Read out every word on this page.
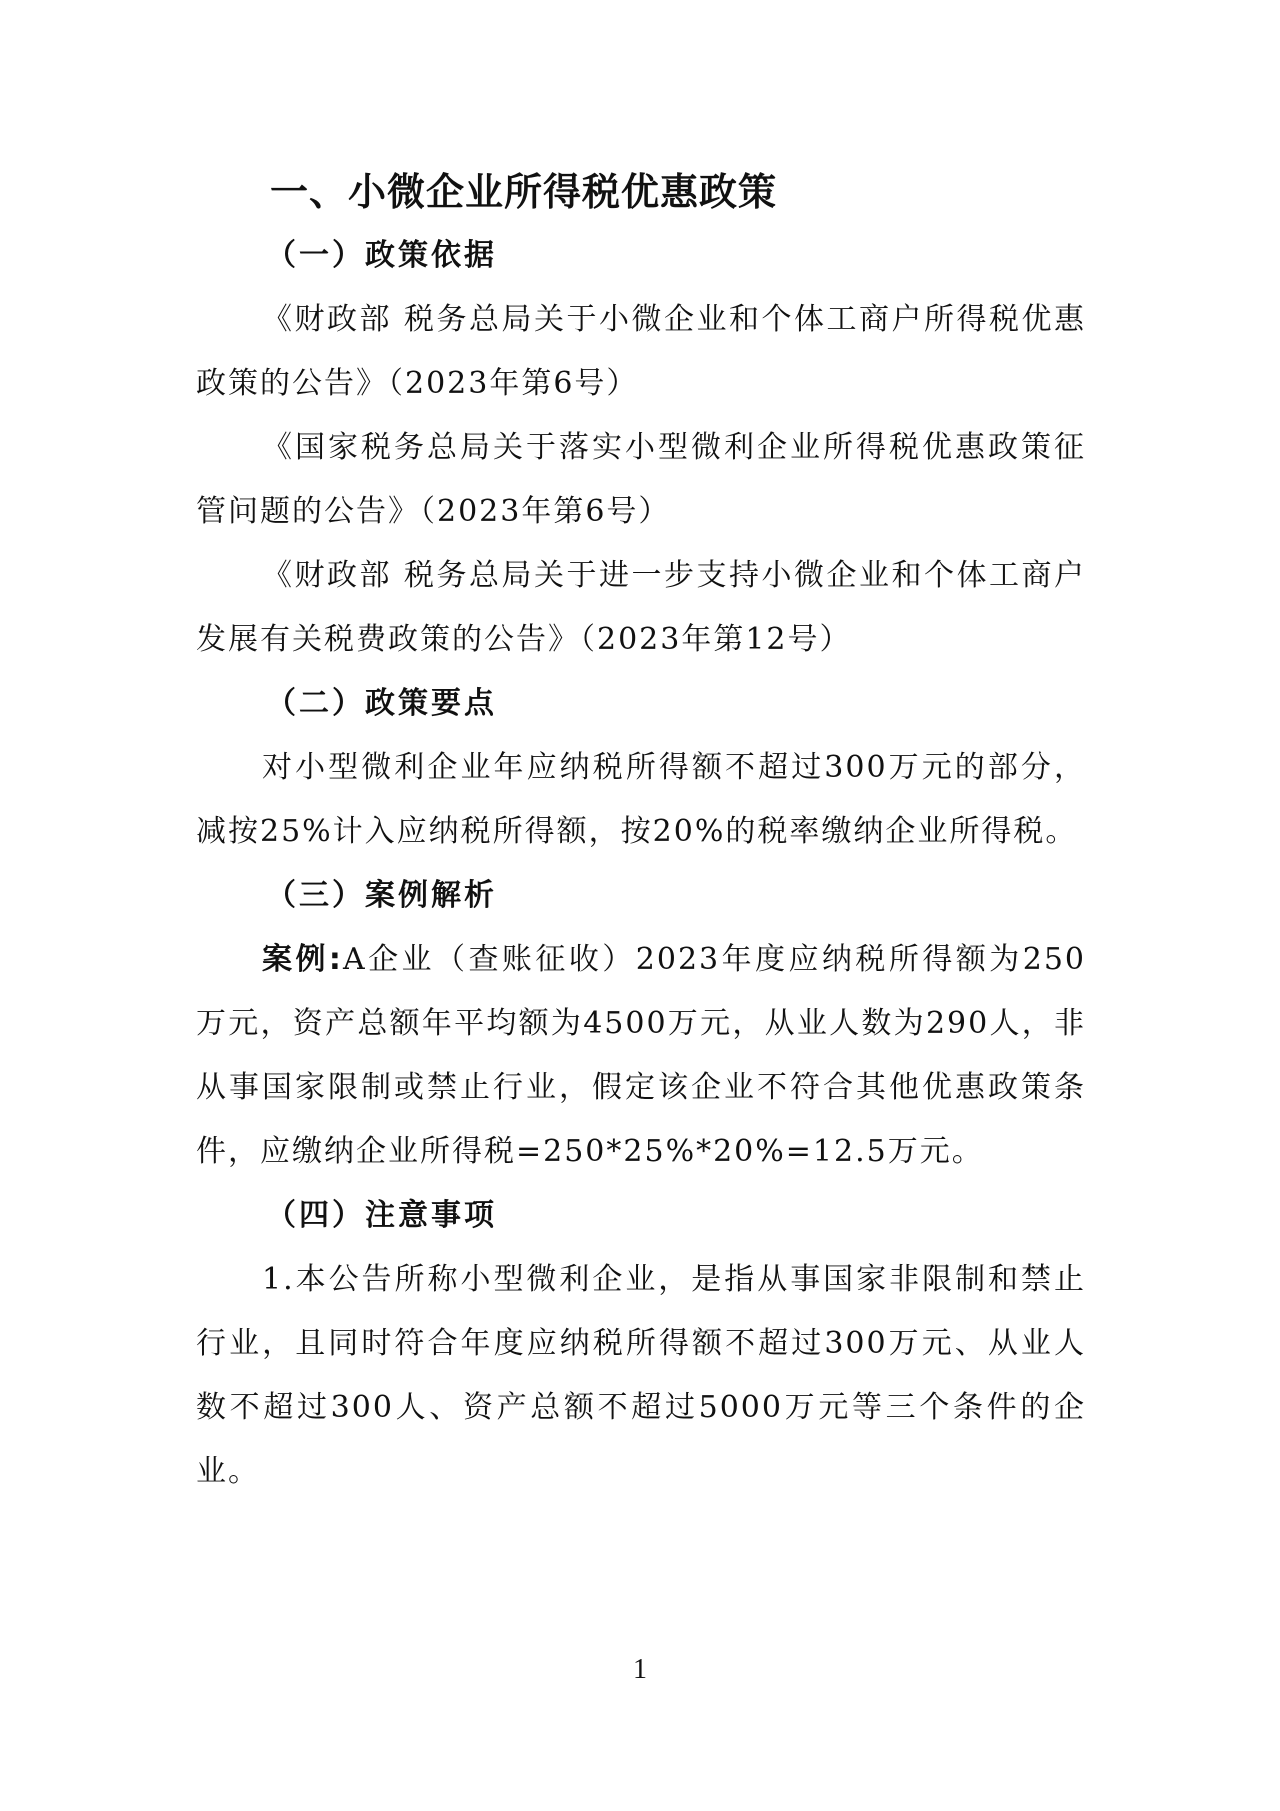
一、小微企业所得税优惠政策
（一）政策依据

《财政部 税务总局关于小微企业和个体工商户所得税优惠政策的公告》（2023年第6号）

《国家税务总局关于落实小型微利企业所得税优惠政策征管问题的公告》（2023年第6号）

《财政部 税务总局关于进一步支持小微企业和个体工商户发展有关税费政策的公告》（2023年第12号）

（二）政策要点

对小型微利企业年应纳税所得额不超过300万元的部分，减按25%计入应纳税所得额，按20%的税率缴纳企业所得税。

（三）案例解析

案例:A企业（查账征收）2023年度应纳税所得额为250万元，资产总额年平均额为4500万元，从业人数为290人，非从事国家限制或禁止行业，假定该企业不符合其他优惠政策条件，应缴纳企业所得税=250*25%*20%=12.5万元。

（四）注意事项

1.本公告所称小型微利企业，是指从事国家非限制和禁止行业，且同时符合年度应纳税所得额不超过300万元、从业人数不超过300人、资产总额不超过5000万元等三个条件的企业。

1
